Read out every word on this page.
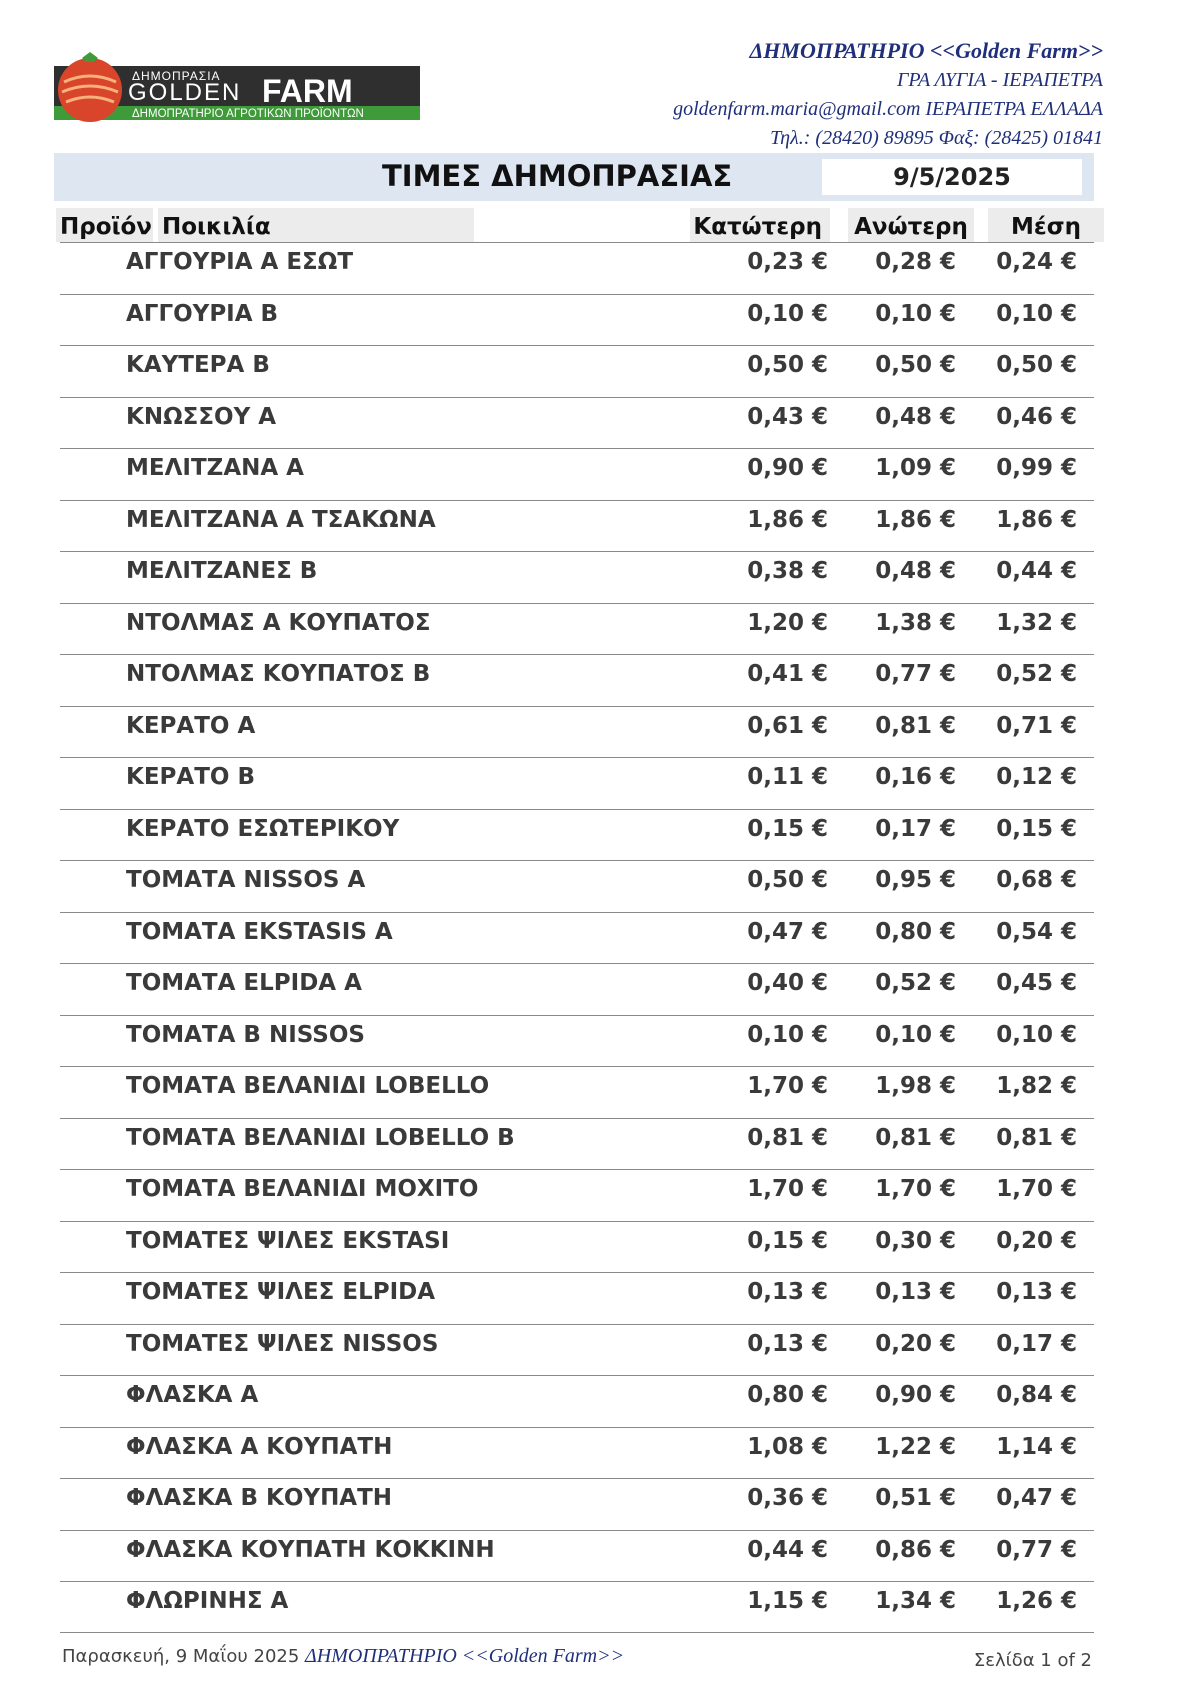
ΔΗΜΟΠΡΑΣΙΑ
GOLDEN FARM
ΔΗΜΟΠΡΑΤΗΡΙΟ ΑΓΡΟΤΙΚΩΝ ΠΡΟΪΟΝΤΩΝ
ΔΗΜΟΠΡΑΤΗΡΙΟ <<Golden Farm>>
ΓΡΑ ΛΥΓΙΑ - ΙΕΡΑΠΕΤΡΑ
goldenfarm.maria@gmail.com ΙΕΡΑΠΕΤΡΑ ΕΛΛΑΔΑ
Τηλ.: (28420) 89895 Φαξ: (28425) 01841
ΤΙΜΕΣ ΔΗΜΟΠΡΑΣΙΑΣ	9/5/2025
Προϊόν Ποικιλία	Κατώτερη	Ανώτερη	Μέση
ΑΓΓΟΥΡΙΑ Α ΕΣΩΤ	0,23 € 0,28 € 0,24 €
ΑΓΓΟΥΡΙΑ Β	0,10 € 0,10 € 0,10 €
ΚΑΥΤΕΡΑ Β	0,50 € 0,50 € 0,50 €
ΚΝΩΣΣΟΥ Α	0,43 € 0,48 € 0,46 €
ΜΕΛΙΤΖΑΝΑ Α	0,90 € 1,09 € 0,99 €
ΜΕΛΙΤΖΑΝΑ Α ΤΣΑΚΩΝΑ	1,86 € 1,86 € 1,86 €
ΜΕΛΙΤΖΑΝΕΣ Β	0,38 € 0,48 € 0,44 €
ΝΤΟΛΜΑΣ Α ΚΟΥΠΑΤΟΣ	1,20 € 1,38 € 1,32 €
ΝΤΟΛΜΑΣ ΚΟΥΠΑΤΟΣ Β	0,41 € 0,77 € 0,52 €
ΚΕΡΑΤΟ Α	0,61 € 0,81 € 0,71 €
ΚΕΡΑΤΟ Β	0,11 € 0,16 € 0,12 €
ΚΕΡΑΤΟ ΕΣΩΤΕΡΙΚΟΥ	0,15 € 0,17 € 0,15 €
ΤΟΜΑΤΑ NISSOS A	0,50 € 0,95 € 0,68 €
ΤΟΜΑΤΑ EKSTASIS A	0,47 € 0,80 € 0,54 €
ΤΟΜΑΤΑ ELPIDA A	0,40 € 0,52 € 0,45 €
ΤΟΜΑΤΑ Β NISSOS	0,10 € 0,10 € 0,10 €
ΤΟΜΑΤΑ ΒΕΛΑΝΙΔΙ LOBELLO	1,70 € 1,98 € 1,82 €
ΤΟΜΑΤΑ ΒΕΛΑΝΙΔΙ LOBELLO B	0,81 € 0,81 € 0,81 €
ΤΟΜΑΤΑ ΒΕΛΑΝΙΔΙ ΜΟΧΙΤΟ	1,70 € 1,70 € 1,70 €
ΤΟΜΑΤΕΣ ΨΙΛΕΣ EKSTASI	0,15 € 0,30 € 0,20 €
ΤΟΜΑΤΕΣ ΨΙΛΕΣ ELPIDA	0,13 € 0,13 € 0,13 €
ΤΟΜΑΤΕΣ ΨΙΛΕΣ NISSOS	0,13 € 0,20 € 0,17 €
ΦΛΑΣΚΑ Α	0,80 € 0,90 € 0,84 €
ΦΛΑΣΚΑ Α ΚΟΥΠΑΤΗ	1,08 € 1,22 € 1,14 €
ΦΛΑΣΚΑ Β ΚΟΥΠΑΤΗ	0,36 € 0,51 € 0,47 €
ΦΛΑΣΚΑ ΚΟΥΠΑΤΗ ΚΟΚΚΙΝΗ	0,44 € 0,86 € 0,77 €
ΦΛΩΡΙΝΗΣ Α	1,15 € 1,34 € 1,26 €
Παρασκευή, 9 Μαΐου 2025 ΔΗΜΟΠΡΑΤΗΡΙΟ <<Golden Farm>>	Σελίδα 1 of 2
